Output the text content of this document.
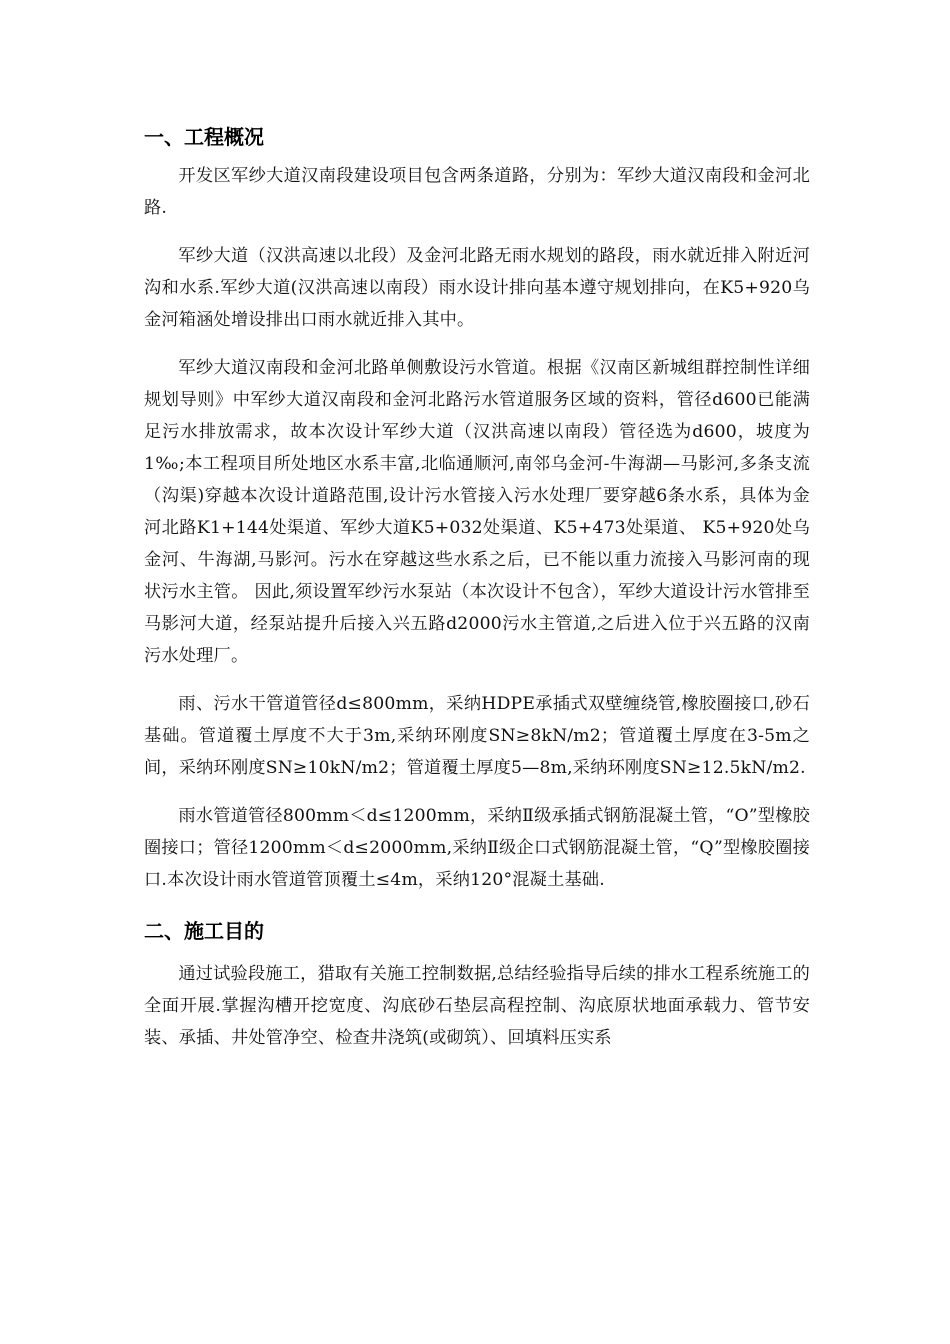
一、工程概况

开发区军纱大道汉南段建设项目包含两条道路，分别为：军纱大道汉南段和金河北路.

军纱大道（汉洪高速以北段）及金河北路无雨水规划的路段，雨水就近排入附近河沟和水系.军纱大道(汉洪高速以南段）雨水设计排向基本遵守规划排向，在K5+920乌金河箱涵处增设排出口雨水就近排入其中。

军纱大道汉南段和金河北路单侧敷设污水管道。根据《汉南区新城组群控制性详细规划导则》中军纱大道汉南段和金河北路污水管道服务区域的资料，管径d600已能满足污水排放需求，故本次设计军纱大道（汉洪高速以南段）管径选为d600，坡度为1‰;本工程项目所处地区水系丰富,北临通顺河,南邻乌金河-牛海湖—马影河,多条支流（沟渠)穿越本次设计道路范围,设计污水管接入污水处理厂要穿越6条水系，具体为金河北路K1+144处渠道、军纱大道K5+032处渠道、K5+473处渠道、 K5+920处乌金河、牛海湖,马影河。污水在穿越这些水系之后，已不能以重力流接入马影河南的现状污水主管。 因此,须设置军纱污水泵站（本次设计不包含），军纱大道设计污水管排至马影河大道，经泵站提升后接入兴五路d2000污水主管道,之后进入位于兴五路的汉南污水处理厂。

雨、污水干管道管径d≤800mm，采纳HDPE承插式双壁缠绕管,橡胶圈接口,砂石基础。管道覆土厚度不大于3m,采纳环刚度SN≥8kN/m2；管道覆土厚度在3-5m之间，采纳环刚度SN≥10kN/m2；管道覆土厚度5—8m,采纳环刚度SN≥12.5kN/m2.

雨水管道管径800mm＜d≤1200mm，采纳Ⅱ级承插式钢筋混凝土管，“O”型橡胶圈接口；管径1200mm＜d≤2000mm,采纳Ⅱ级企口式钢筋混凝土管，“Q”型橡胶圈接口.本次设计雨水管道管顶覆土≤4m，采纳120°混凝土基础.

二、施工目的

通过试验段施工，猎取有关施工控制数据,总结经验指导后续的排水工程系统施工的全面开展.掌握沟槽开挖宽度、沟底砂石垫层高程控制、沟底原状地面承载力、管节安装、承插、井处管净空、检查井浇筑(或砌筑）、回填料压实系
